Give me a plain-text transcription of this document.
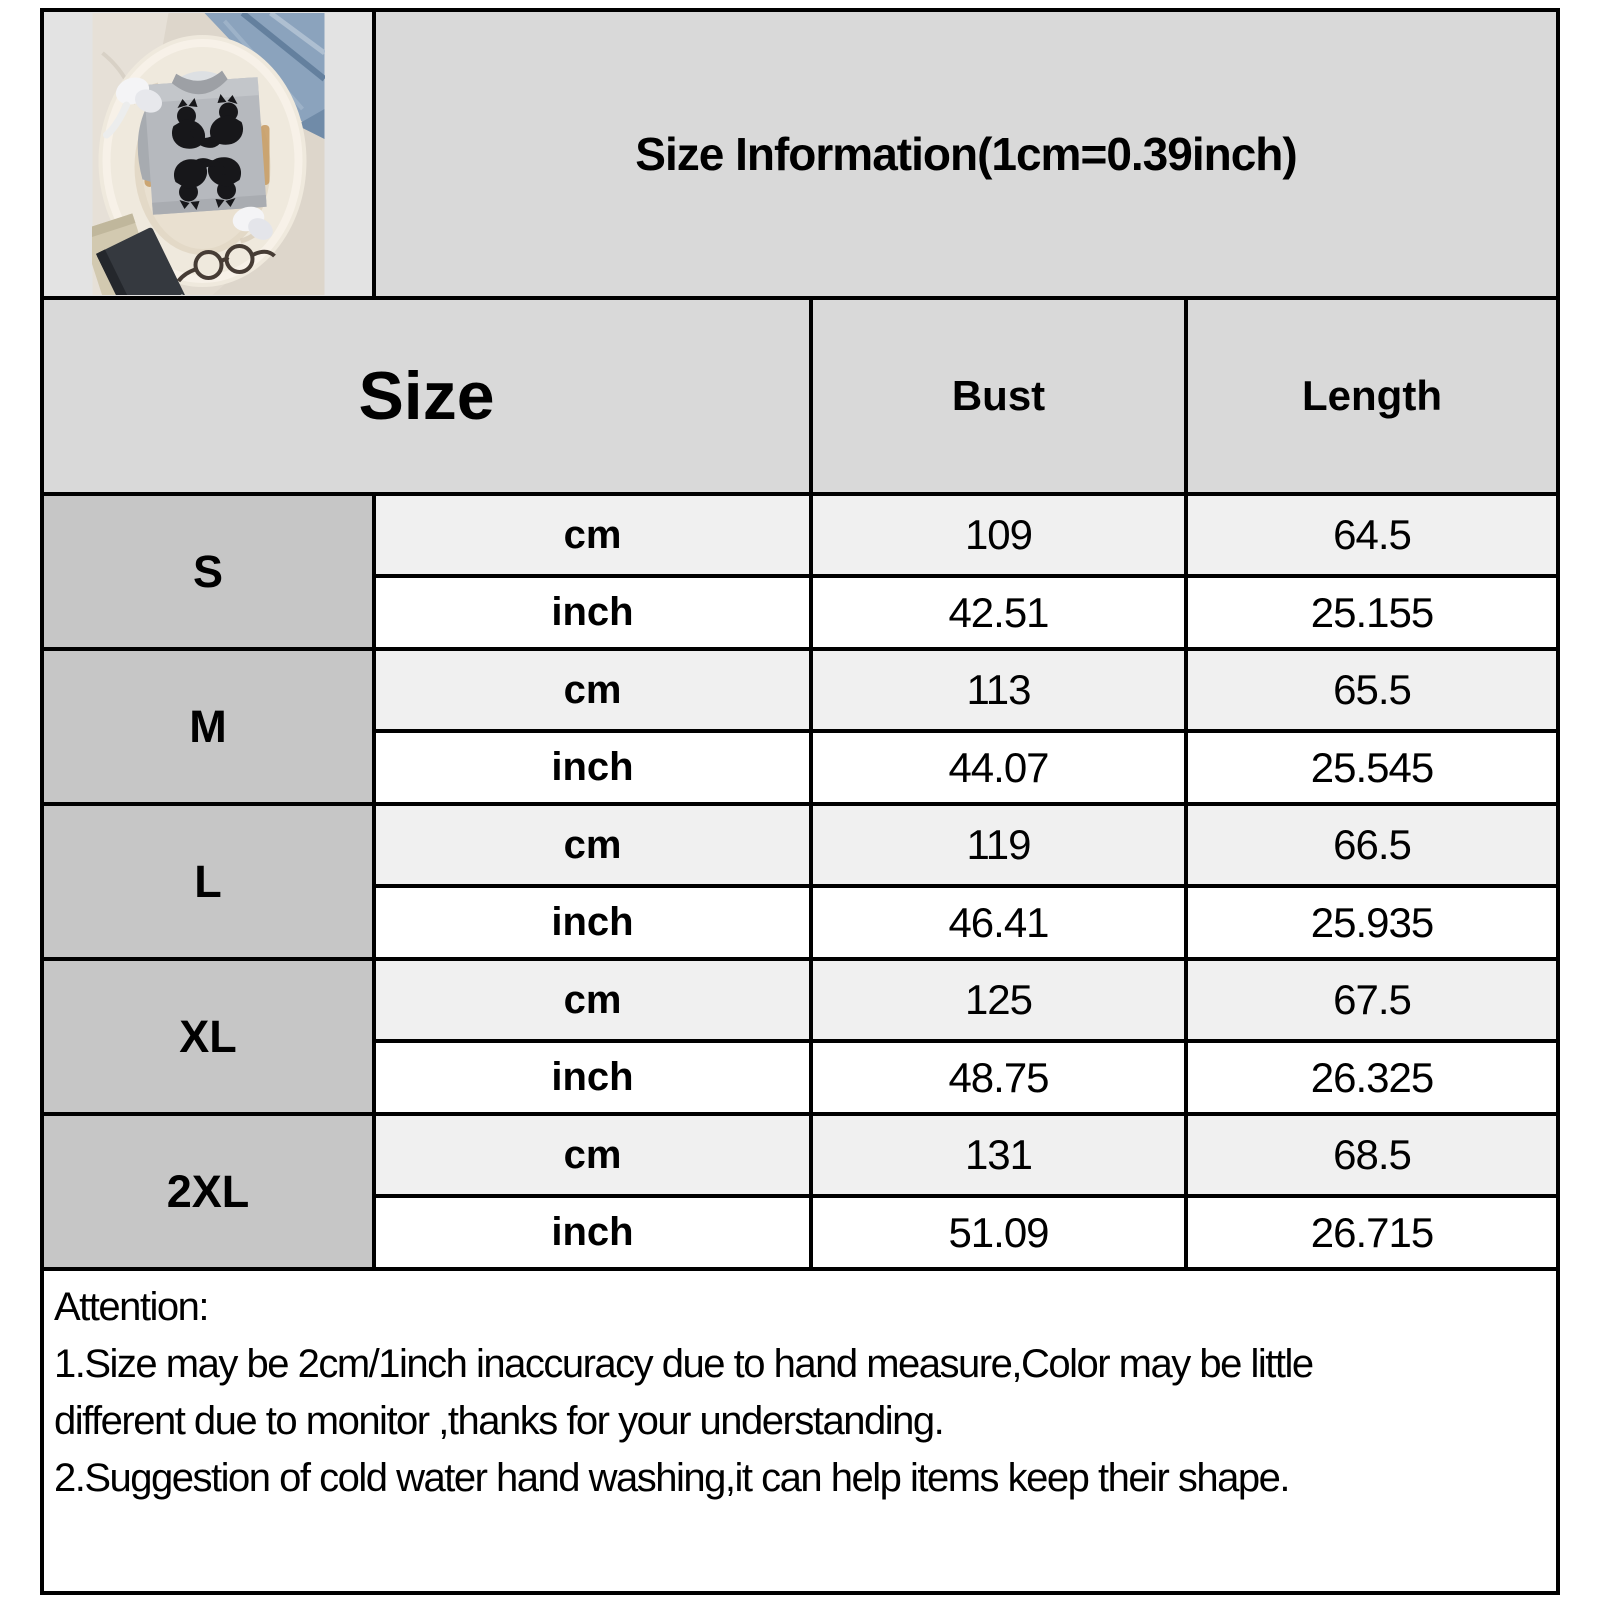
Size Information(1cm=0.39inch)
Size	Bust	Length
S
cm	109	64.5
inch	42.51	25.155
M
cm	113	65.5
inch	44.07	25.545
L
cm	119	66.5
inch	46.41	25.935
XL
cm	125	67.5
inch	48.75	26.325
2XL
cm	131	68.5
inch	51.09	26.715
Attention:
1.Size may be 2cm/1inch inaccuracy due to hand measure,Color may be little
different due to monitor ,thanks for your understanding.
2.Suggestion of cold water hand washing,it can help items keep their shape.
